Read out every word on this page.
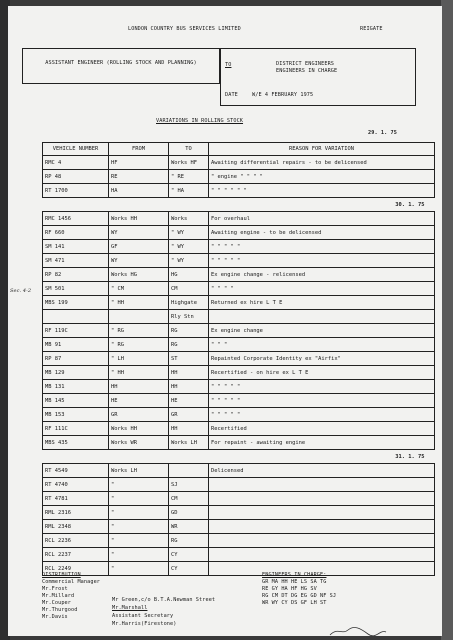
LONDON COUNTRY BUS SERVICES LIMITED	REIGATE
ASSISTANT ENGINEER (ROLLING STOCK AND PLANNING)	TO	DISTRICT ENGINEERS
ENGINEERS IN CHARGE
DATE	W/E 4 FEBRUARY 1975
VARIATIONS IN ROLLING STOCK
29. 1. 75
Sec. 4-2
VEHICLE NUMBER	FROM	TO	REASON FOR VARIATION
RMC 4	HF	Works HF	Awaiting differential repairs - to be delicensed
RP 48	RE	" RE	" engine " " " "
RT 1700	HA	" HA	" " " " " "
30. 1. 75			
RMC 1456	Works HH	Works	For overhaul
RF 660	WY	" WY	Awaiting engine - to be delicensed
SM 141	GF	" WY	" " " " "
SM 471	WY	" WY	" " " " "
RP 82	Works HG	HG	Ex engine change - relicensed
SM 501	" CM	CM	" " " "
MBS 199	" HH	Highgate	Returned ex hire L T E
		Rly Stn	
RF 119C	" RG	RG	Ex engine change
MB 91	" RG	RG	" " "
RP 87	" LH	ST	Repainted Corporate Identity ex "Airfix"
MB 129	" HH	HH	Recertified - on hire ex L T E
MB 131	HH	HH	" " " " "
MB 145	HE	HE	" " " " "
MB 153	GR	GR	" " " " "
RF 111C	Works HH	HH	Recertified
MBS 435	Works WR	Works LH	For repaint - awaiting engine
31. 1. 75			
RT 4549	Works LH		Delicensed
RT 4740	"	SJ	
RT 4781	"	CM	
RML 2316	"	GD	
RML 2348	"	WR	
RCL 2236	"	RG	
RCL 2237	"	CY	
RCL 2249	"	CY	
DISTRIBUTION
Commercial Manager
Mr.Frost
Mr.Millard
Mr.Couper
Mr.Thurgood
Mr.Davis
Mr Green,c/o B.T.A.Newman Street
Mr.Marshall
Assistant Secretary
Mr.Harris(Firestone)
ENGINEERS IN CHARGE:
GR MA HH HE LS SA TG
RE GY HA HF HG SV
RG CM DT DG EG GD NF SJ
WR WY CY DS GF LH ST
